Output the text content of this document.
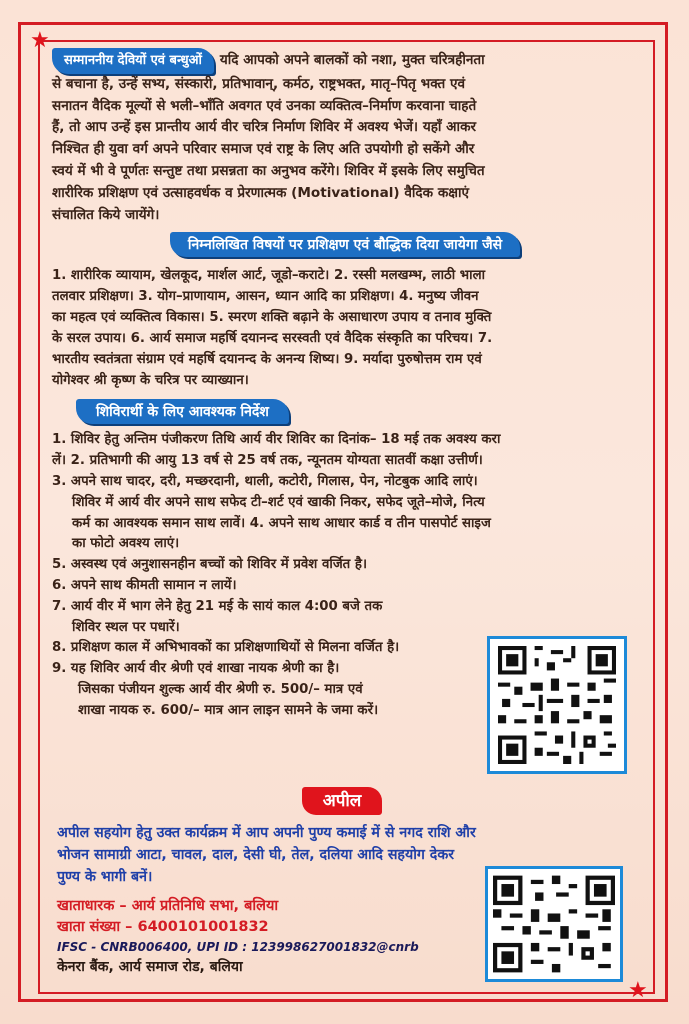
★
★

सम्माननीय देवियों एवं बन्धुओं यदि आपको अपने बालकों को नशा, मुक्त चरित्रहीनता
से बचाना है, उन्हें सभ्य, संस्कारी, प्रतिभावान्, कर्मठ, राष्ट्रभक्त, मातृ–पितृ भक्त एवं
सनातन वैदिक मूल्यों से भली–भाँति अवगत एवं उनका व्यक्तित्व–निर्माण करवाना चाहते
हैं, तो आप उन्हें इस प्रान्तीय आर्य वीर चरित्र निर्माण शिविर में अवश्य भेजें। यहाँ आकर
निश्चित ही युवा वर्ग अपने परिवार समाज एवं राष्ट्र के लिए अति उपयोगी हो सकेंगे और
स्वयं में भी वे पूर्णतः सन्तुष्ट तथा प्रसन्नता का अनुभव करेंगे। शिविर में इसके लिए समुचित
शारीरिक प्रशिक्षण एवं उत्साहवर्धक व प्रेरणात्मक (Motivational) वैदिक कक्षाएं
संचालित किये जायेंगे।

निम्नलिखित विषयों पर प्रशिक्षण एवं बौद्धिक दिया जायेगा जैसे

1. शारीरिक व्यायाम, खेलकूद, मार्शल आर्ट, जूडो–कराटे। 2. रस्सी मलखम्भ, लाठी भाला
तलवार प्रशिक्षण। 3. योग–प्राणायाम, आसन, ध्यान आदि का प्रशिक्षण। 4. मनुष्य जीवन
का महत्व एवं व्यक्तित्व विकास। 5. स्मरण शक्ति बढ़ाने के असाधारण उपाय व तनाव मुक्ति
के सरल उपाय। 6. आर्य समाज महर्षि दयानन्द सरस्वती एवं वैदिक संस्कृति का परिचय। 7.
भारतीय स्वतंत्रता संग्राम एवं महर्षि दयानन्द के अनन्य शिष्य। 9. मर्यादा पुरुषोत्तम राम एवं
योगेश्वर श्री कृष्ण के चरित्र पर व्याख्यान।

शिविरार्थी के लिए आवश्यक निर्देश

1. शिविर हेतु अन्तिम पंजीकरण तिथि आर्य वीर शिविर का दिनांक– 18 मई तक अवश्य करा

लें। 2. प्रतिभागी की आयु 13 वर्ष से 25 वर्ष तक, न्यूनतम योग्यता सातवीं कक्षा उत्तीर्ण।

3. अपने साथ चादर, दरी, मच्छरदानी, थाली, कटोरी, गिलास, पेन, नोटबुक आदि लाएं।

शिविर में आर्य वीर अपने साथ सफेद टी–शर्ट एवं खाकी निकर, सफेद जूते–मोजे, नित्य

कर्म का आवश्यक समान साथ लावें। 4. अपने साथ आधार कार्ड व तीन पासपोर्ट साइज

का फोटो अवश्य लाएं।

5. अस्वस्थ एवं अनुशासनहीन बच्चों को शिविर में प्रवेश वर्जित है।

6. अपने साथ कीमती सामान न लायें।

7. आर्य वीर में भाग लेने हेतु 21 मई के सायं काल 4:00 बजे तक

शिविर स्थल पर पधारें।

8. प्रशिक्षण काल में अभिभावकों का प्रशिक्षणाथियों से मिलना वर्जित है।

9. यह शिविर आर्य वीर श्रेणी एवं शाखा नायक श्रेणी का है।

जिसका पंजीयन शुल्क आर्य वीर श्रेणी रु. 500/– मात्र एवं

शाखा नायक रु. 600/– मात्र आन लाइन सामने के जमा करें।

अपील
अपील सहयोग हेतु उक्त कार्यक्रम में आप अपनी पुण्य कमाई में से नगद राशि और
भोजन सामाग्री आटा, चावल, दाल, देसी घी, तेल, दलिया आदि सहयोग देकर
पुण्य के भागी बनें।
खाताधारक – आर्य प्रतिनिधि सभा, बलिया
खाता संख्या – 6400101001832
IFSC - CNRB006400, UPI ID : 123998627001832@cnrb
केनरा बैंक, आर्य समाज रोड, बलिया
